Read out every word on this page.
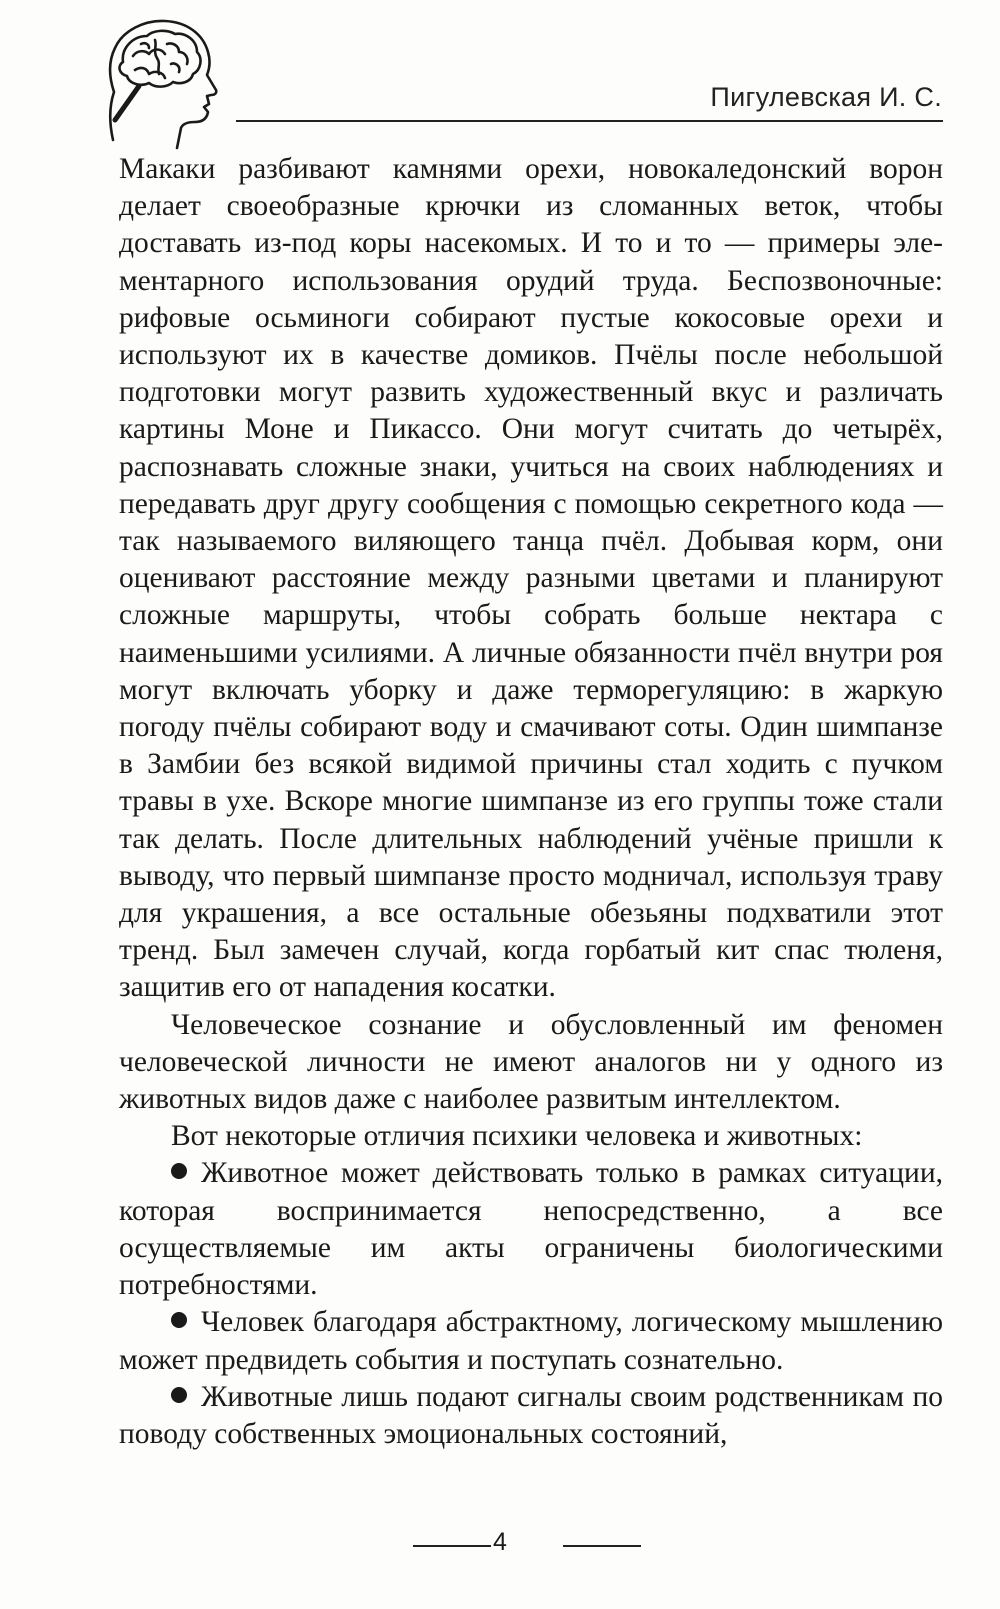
Пигулевская И. С.

Макаки разбивают камнями орехи, новокаледонский ворон делает своеобразные крючки из сломанных веток, чтобы доставать из-под коры насекомых. И то и то — примеры элементарного использования орудий труда. Беспозвоночные: рифовые осьминоги собирают пустые кокосовые орехи и используют их в качестве домиков. Пчёлы после небольшой подготовки могут развить художественный вкус и различать картины Моне и Пикассо. Они могут считать до четырёх, распознавать сложные знаки, учиться на своих наблюдениях и передавать друг другу сообщения с помощью секретного кода — так называемого виляющего танца пчёл. Добывая корм, они оценивают расстояние между разными цветами и планируют сложные маршруты, чтобы собрать больше нектара с наименьшими усилиями. А личные обязанности пчёл внутри роя могут включать уборку и даже терморегуляцию: в жаркую погоду пчёлы собирают воду и смачивают соты. Один шимпанзе в Замбии без всякой видимой причины стал ходить с пучком травы в ухе. Вскоре многие шимпанзе из его группы тоже стали так делать. После длительных наблюдений учёные пришли к выводу, что первый шимпанзе просто модничал, используя траву для украшения, а все остальные обезьяны подхватили этот тренд. Был замечен случай, когда горбатый кит спас тюленя, защитив его от нападения косатки.

Человеческое сознание и обусловленный им феномен человеческой личности не имеют аналогов ни у одного из животных видов даже с наиболее развитым интеллектом.

Вот некоторые отличия психики человека и животных:

Животное может действовать только в рамках ситуации, которая воспринимается непосредственно, а все осуществляемые им акты ограничены биологическими потребностями.

Человек благодаря абстрактному, логическому мышлению может предвидеть события и поступать сознательно.

Животные лишь подают сигналы своим родственникам по поводу собственных эмоциональных состояний,

4
